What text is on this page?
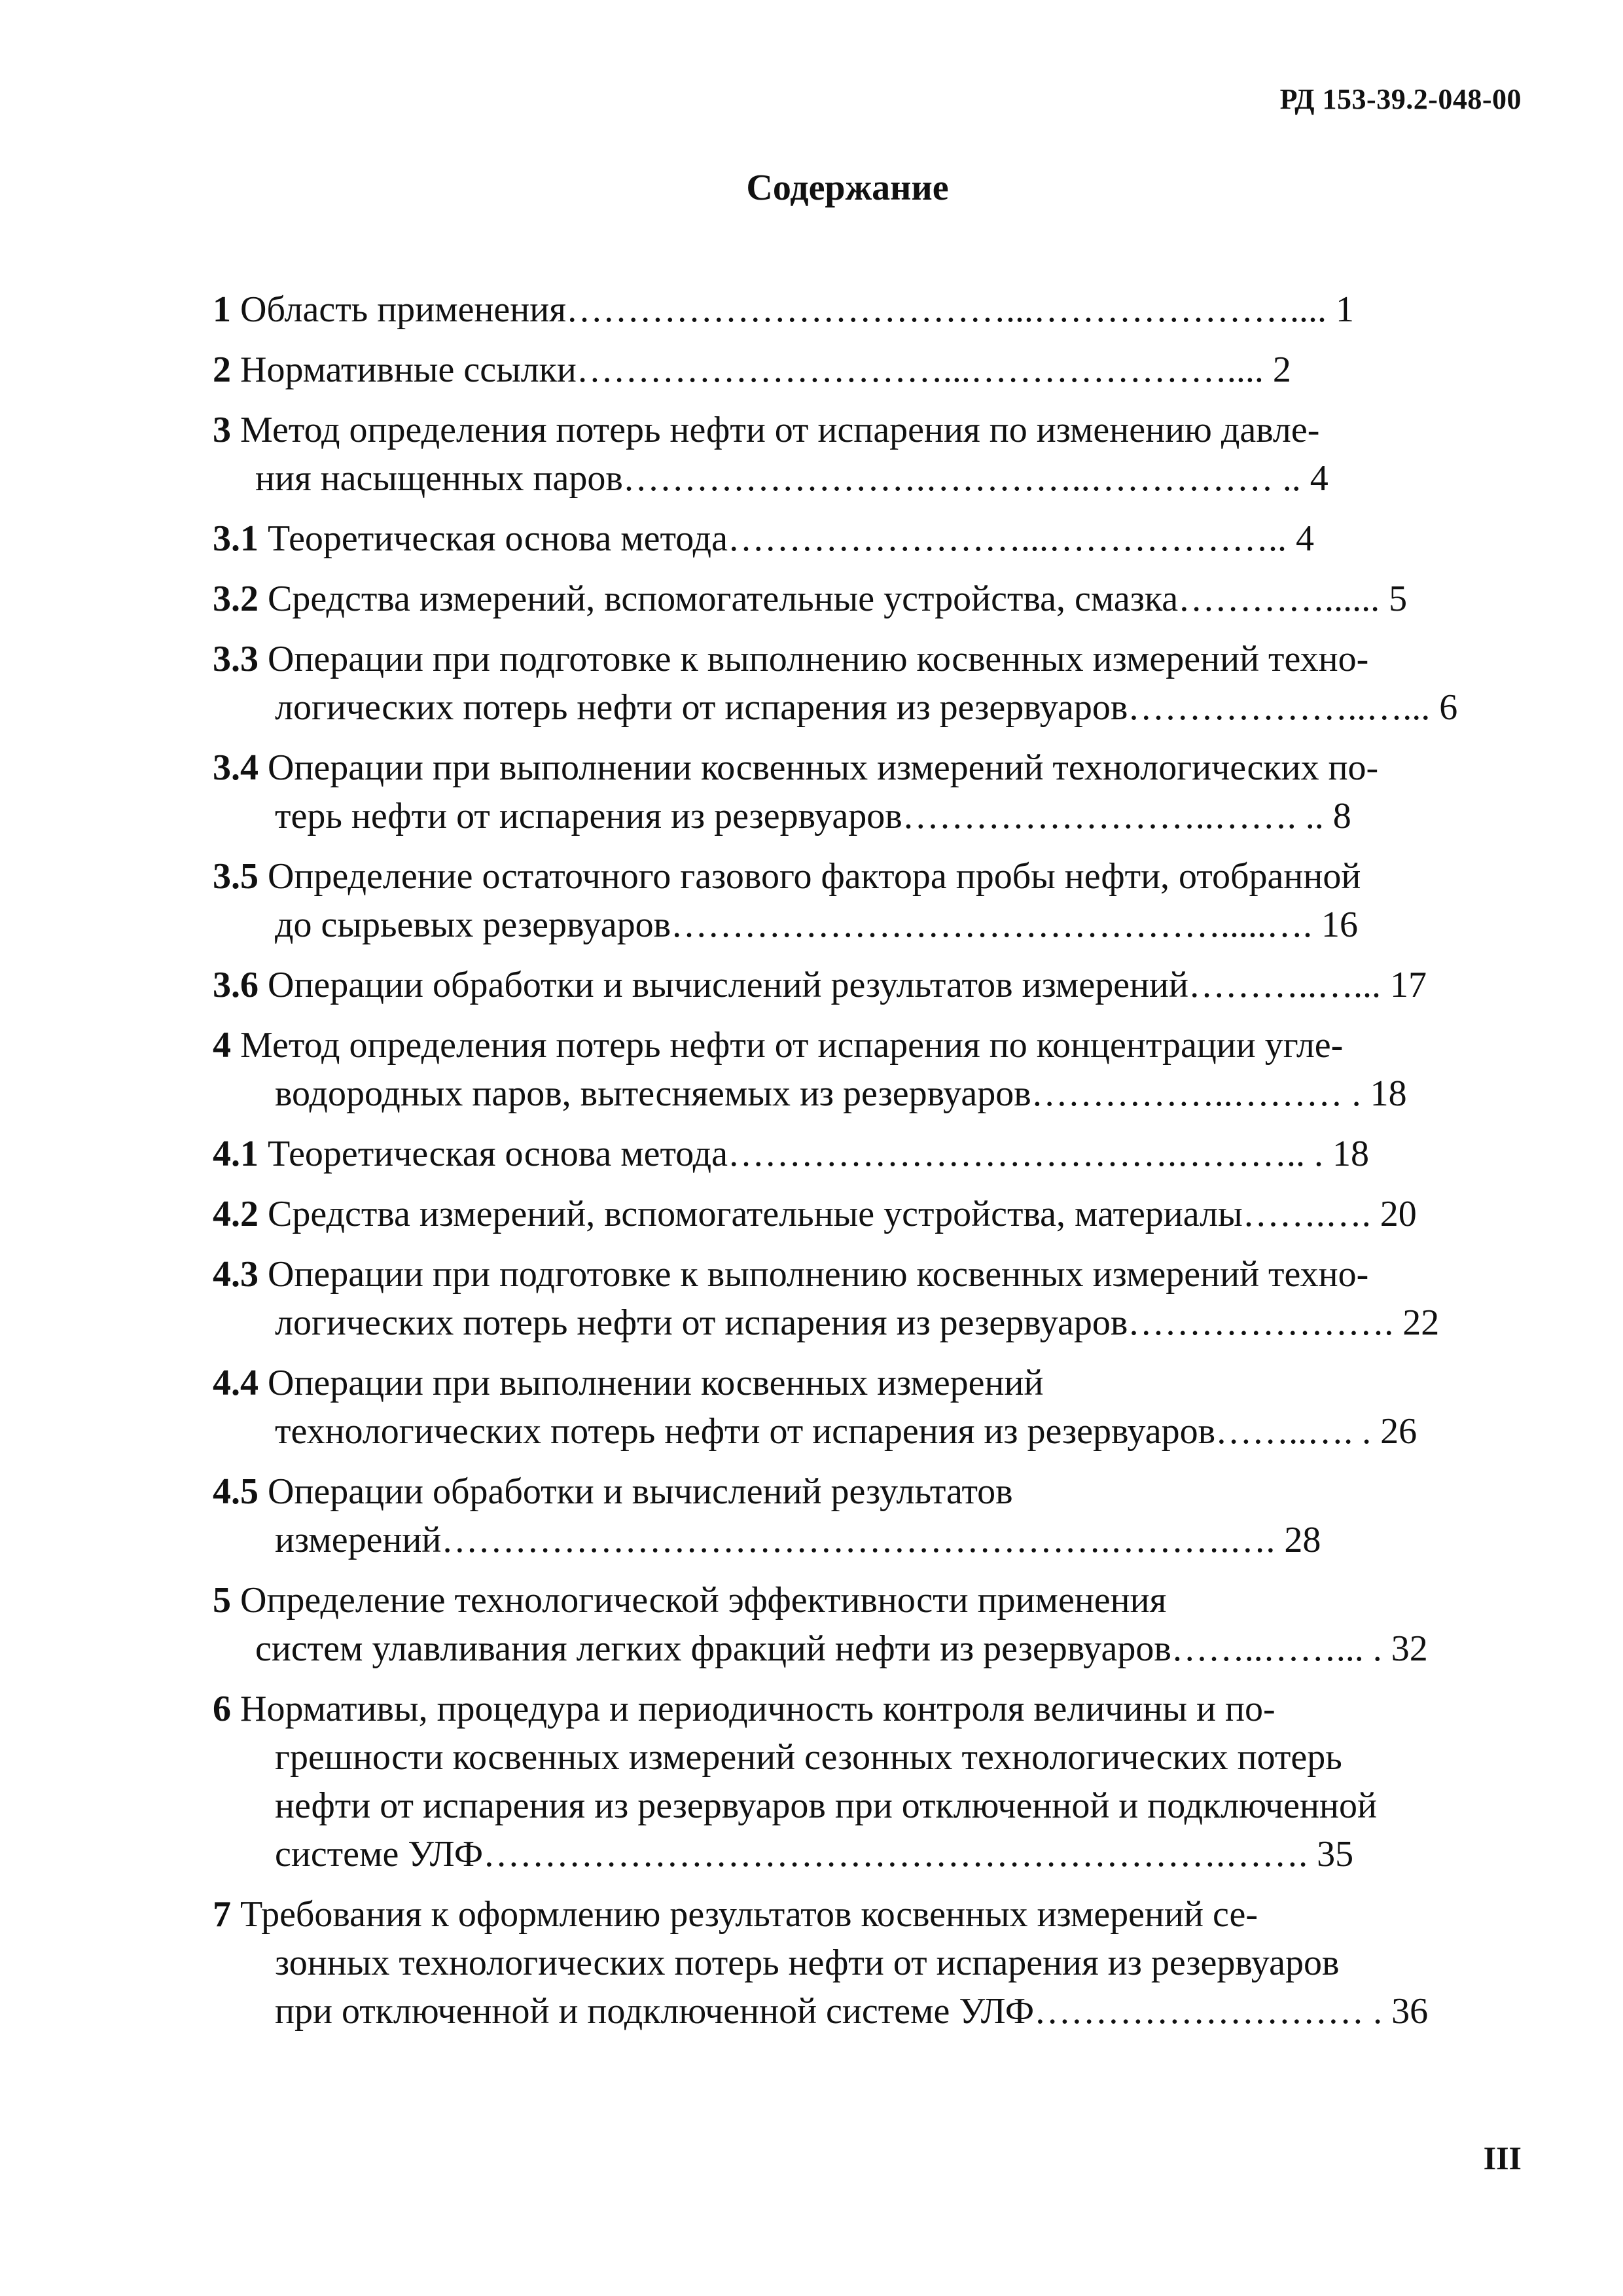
РД 153-39.2-048-00
Содержание
1 Область применения………………………………...………………….... 1
2 Нормативные ссылки…………………………...………………….... 2
3 Метод определения потерь нефти от испарения по изменению давле-
ния насыщенных паров…………………….…………..…………… .. 4
3.1 Теоретическая основа метода……………………...……………….. 4
3.2 Средства измерений, вспомогательные устройства, смазка…………...... 5
3.3 Операции при подготовке к выполнению косвенных измерений техно-
логических потерь нефти от испарения из резервуаров………………..…... 6
3.4 Операции при выполнении косвенных измерений технологических по-
терь нефти от испарения из резервуаров……………………..……. .. 8
3.5 Определение остаточного газового фактора пробы нефти, отобранной
до сырьевых резервуаров……………………………………….....…. 16
3.6 Операции обработки и вычислений результатов измерений………..…... 17
4 Метод определения потерь нефти от испарения по концентрации угле-
водородных паров, вытесняемых из резервуаров……………..……… . 18
4.1 Теоретическая основа метода……………………………….……….. . 18
4.2 Средства измерений, вспомогательные устройства, материалы…….…. 20
4.3 Операции при подготовке к выполнению косвенных измерений техно-
логических потерь нефти от испарения из резервуаров…………………. 22
4.4 Операции при выполнении косвенных измерений
технологических потерь нефти от испарения из резервуаров……..…. . 26
4.5 Операции обработки и вычислений результатов
измерений……………………………………………….……….…. 28
5 Определение технологической эффективности применения
систем улавливания легких фракций нефти из резервуаров……..……... . 32
6 Нормативы, процедура и периодичность контроля величины и по-
грешности косвенных измерений сезонных технологических потерь
нефти от испарения из резервуаров при отключенной и подключенной
системе УЛФ…………………………………………………….……. 35
7 Требования к оформлению результатов косвенных измерений се-
зонных технологических потерь нефти от испарения из резервуаров
при отключенной и подключенной системе УЛФ……………………… . 36
III
